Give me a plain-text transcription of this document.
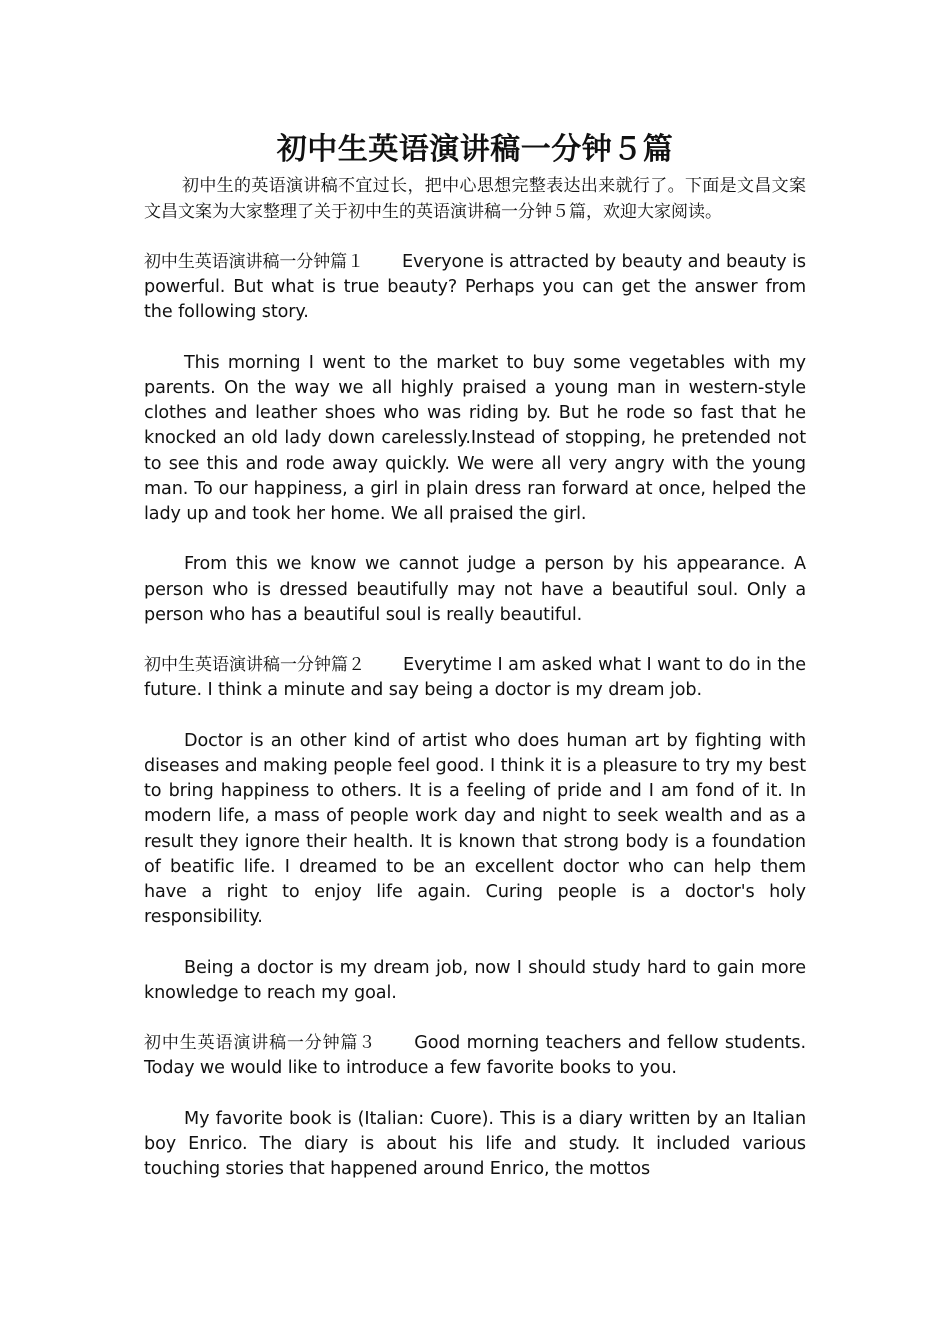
初中生英语演讲稿一分钟５篇

初中生的英语演讲稿不宜过长，把中心思想完整表达出来就行了。下面是文昌文案文昌文案为大家整理了关于初中生的英语演讲稿一分钟５篇，欢迎大家阅读。

初中生英语演讲稿一分钟篇１ Everyone is attracted by beauty and beauty is powerful. But what is true beauty? Perhaps you can get the answer from the following story.

This morning I went to the market to buy some vegetables with my parents. On the way we all highly praised a young man in western-style clothes and leather shoes who was riding by. But he rode so fast that he knocked an old lady down carelessly.Instead of stopping, he pretended not to see this and rode away quickly. We were all very angry with the young man. To our happiness, a girl in plain dress ran forward at once, helped the lady up and took her home. We all praised the girl.

From this we know we cannot judge a person by his appearance. A person who is dressed beautifully may not have a beautiful soul. Only a person who has a beautiful soul is really beautiful.

初中生英语演讲稿一分钟篇２ Everytime I am asked what I want to do in the future. I think a minute and say being a doctor is my dream job.

Doctor is an other kind of artist who does human art by fighting with diseases and making people feel good. I think it is a pleasure to try my best to bring happiness to others. It is a feeling of pride and I am fond of it. In modern life, a mass of people work day and night to seek wealth and as a result they ignore their health. It is known that strong body is a foundation of beatific life. I dreamed to be an excellent doctor who can help them have a right to enjoy life again. Curing people is a doctor's holy responsibility.

Being a doctor is my dream job, now I should study hard to gain more knowledge to reach my goal.

初中生英语演讲稿一分钟篇３ Good morning teachers and fellow students. Today we would like to introduce a few favorite books to you.

My favorite book is (Italian: Cuore). This is a diary written by an Italian boy Enrico. The diary is about his life and study. It included various touching stories that happened around Enrico, the mottos
